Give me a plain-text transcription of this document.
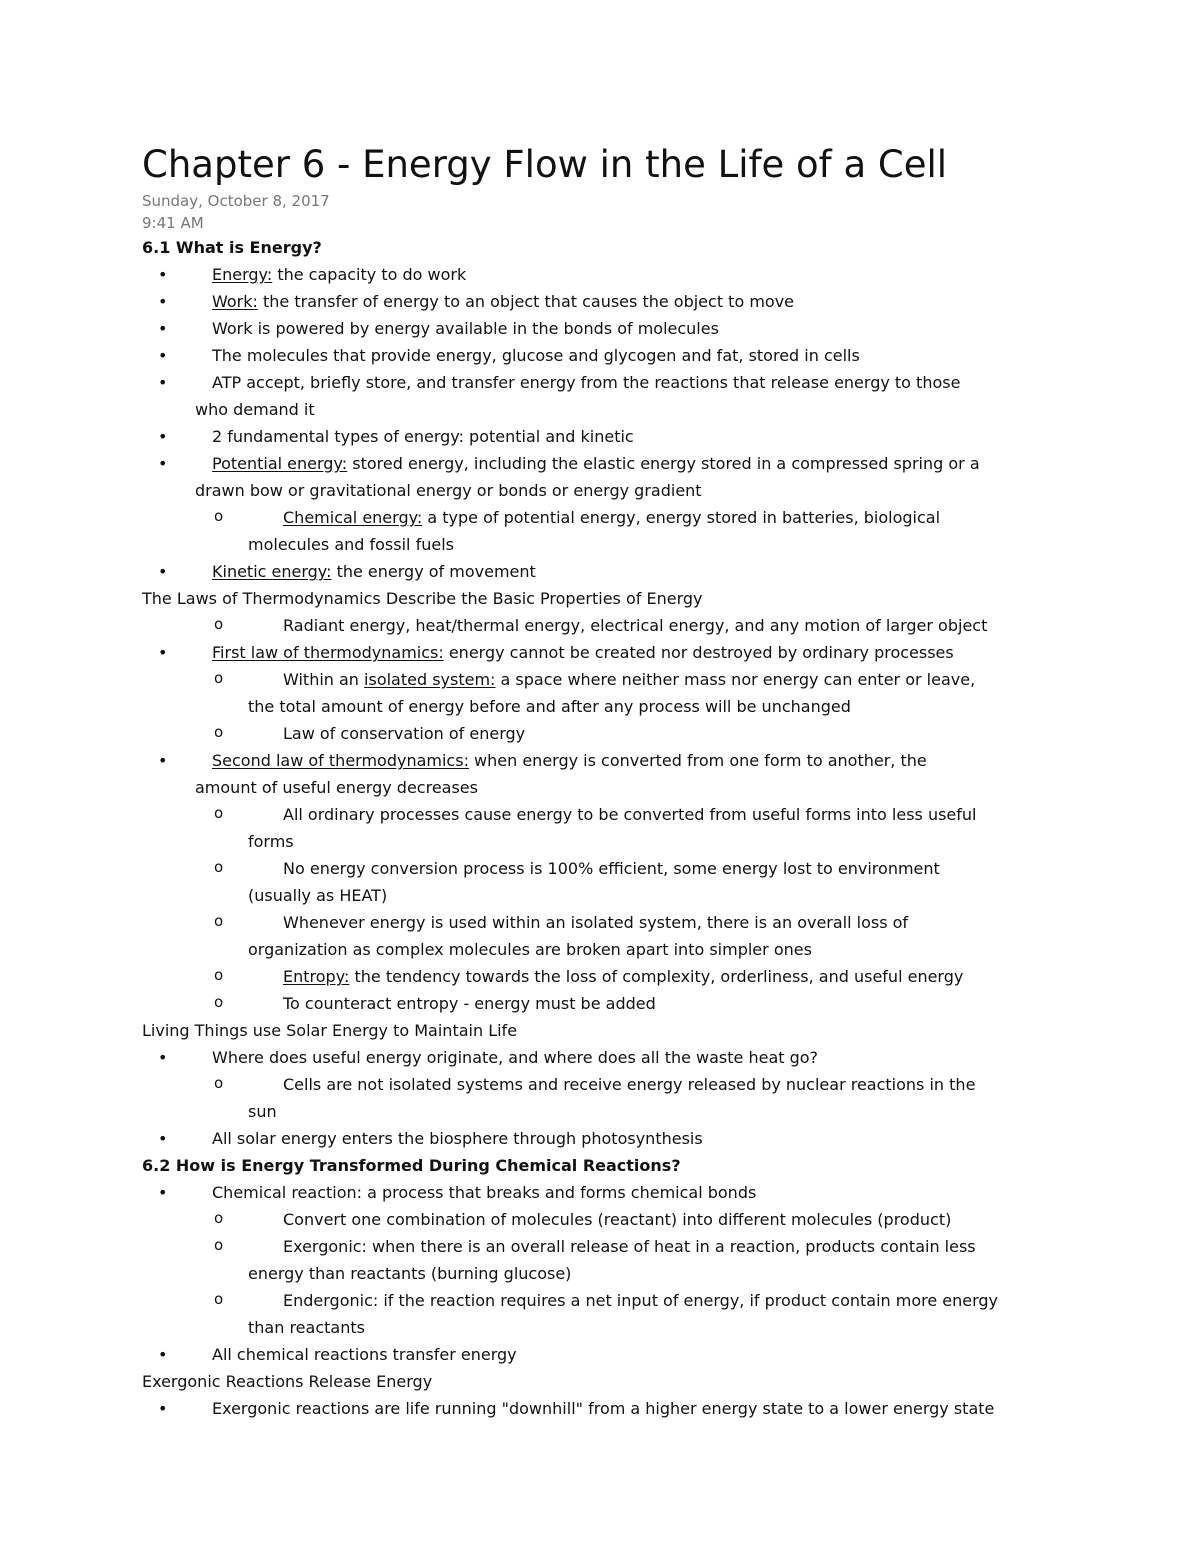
Chapter 6 - Energy Flow in the Life of a Cell
Sunday, October 8, 2017
9:41 AM
6.1 What is Energy?
•	Energy: the capacity to do work
•	Work: the transfer of energy to an object that causes the object to move
•	Work is powered by energy available in the bonds of molecules
•	The molecules that provide energy, glucose and glycogen and fat, stored in cells
•	ATP accept, briefly store, and transfer energy from the reactions that release energy to those
who demand it
•	2 fundamental types of energy: potential and kinetic
•	Potential energy: stored energy, including the elastic energy stored in a compressed spring or a
drawn bow or gravitational energy or bonds or energy gradient
o	Chemical energy: a type of potential energy, energy stored in batteries, biological
molecules and fossil fuels
•	Kinetic energy: the energy of movement
The Laws of Thermodynamics Describe the Basic Properties of Energy
o	Radiant energy, heat/thermal energy, electrical energy, and any motion of larger object
•	First law of thermodynamics: energy cannot be created nor destroyed by ordinary processes
o	Within an isolated system: a space where neither mass nor energy can enter or leave,
the total amount of energy before and after any process will be unchanged
o	Law of conservation of energy
•	Second law of thermodynamics: when energy is converted from one form to another, the
amount of useful energy decreases
o	All ordinary processes cause energy to be converted from useful forms into less useful
forms
o	No energy conversion process is 100% efficient, some energy lost to environment
(usually as HEAT)
o	Whenever energy is used within an isolated system, there is an overall loss of
organization as complex molecules are broken apart into simpler ones
o	Entropy: the tendency towards the loss of complexity, orderliness, and useful energy
o	To counteract entropy - energy must be added
Living Things use Solar Energy to Maintain Life
•	Where does useful energy originate, and where does all the waste heat go?
o	Cells are not isolated systems and receive energy released by nuclear reactions in the
sun
•	All solar energy enters the biosphere through photosynthesis
6.2 How is Energy Transformed During Chemical Reactions?
•	Chemical reaction: a process that breaks and forms chemical bonds
o	Convert one combination of molecules (reactant) into different molecules (product)
o	Exergonic: when there is an overall release of heat in a reaction, products contain less
energy than reactants (burning glucose)
o	Endergonic: if the reaction requires a net input of energy, if product contain more energy
than reactants
•	All chemical reactions transfer energy
Exergonic Reactions Release Energy
•	Exergonic reactions are life running "downhill" from a higher energy state to a lower energy state
